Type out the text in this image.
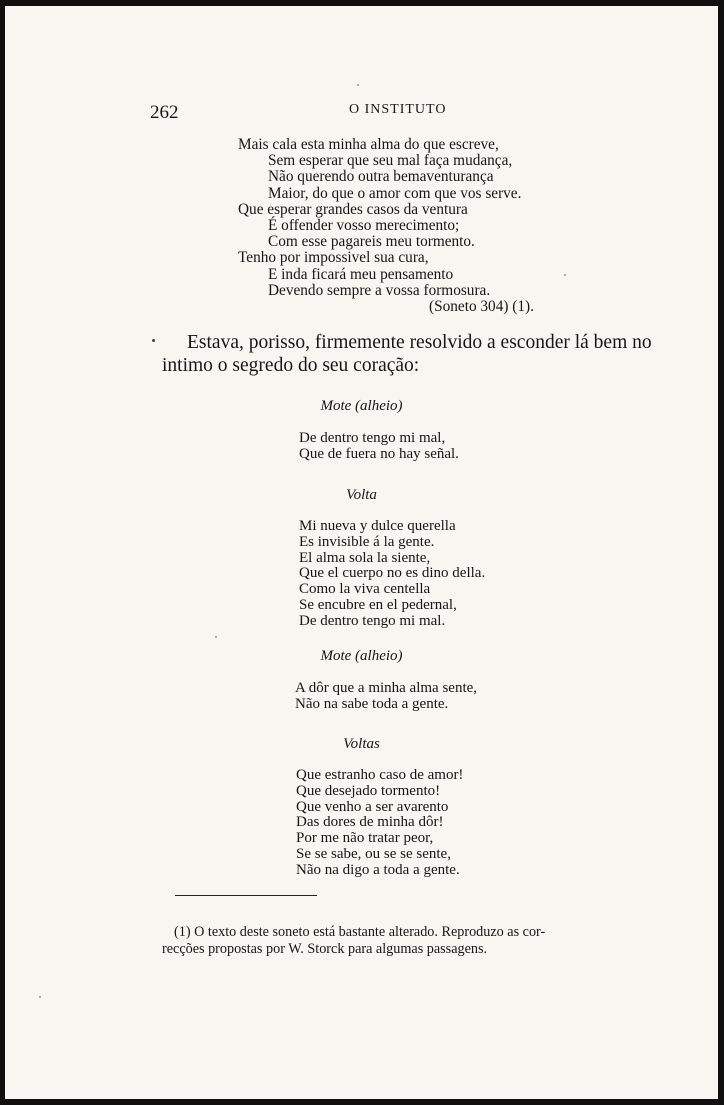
262	O INSTITUTO
Mais cala esta minha alma do que escreve,
Sem esperar que seu mal faça mudança,
Não querendo outra bemaventurança
Maior, do que o amor com que vos serve.
Que esperar grandes casos da ventura
É offender vosso merecimento;
Com esse pagareis meu tormento.
Tenho por impossivel sua cura,
E inda ficará meu pensamento
Devendo sempre a vossa formosura.
(Soneto 304) (1).
Estava, porisso, firmemente resolvido a esconder lá bem no
intimo o segredo do seu coração:
Mote (alheio)
De dentro tengo mi mal,
Que de fuera no hay señal.
Volta
Mi nueva y dulce querella
Es invisible á la gente.
El alma sola la siente,
Que el cuerpo no es dino della.
Como la viva centella
Se encubre en el pedernal,
De dentro tengo mi mal.
Mote (alheio)
A dôr que a minha alma sente,
Não na sabe toda a gente.
Voltas
Que estranho caso de amor!
Que desejado tormento!
Que venho a ser avarento
Das dores de minha dôr!
Por me não tratar peor,
Se se sabe, ou se se sente,
Não na digo a toda a gente.
(1) O texto deste soneto está bastante alterado. Reproduzo as cor-
recções propostas por W. Storck para algumas passagens.
